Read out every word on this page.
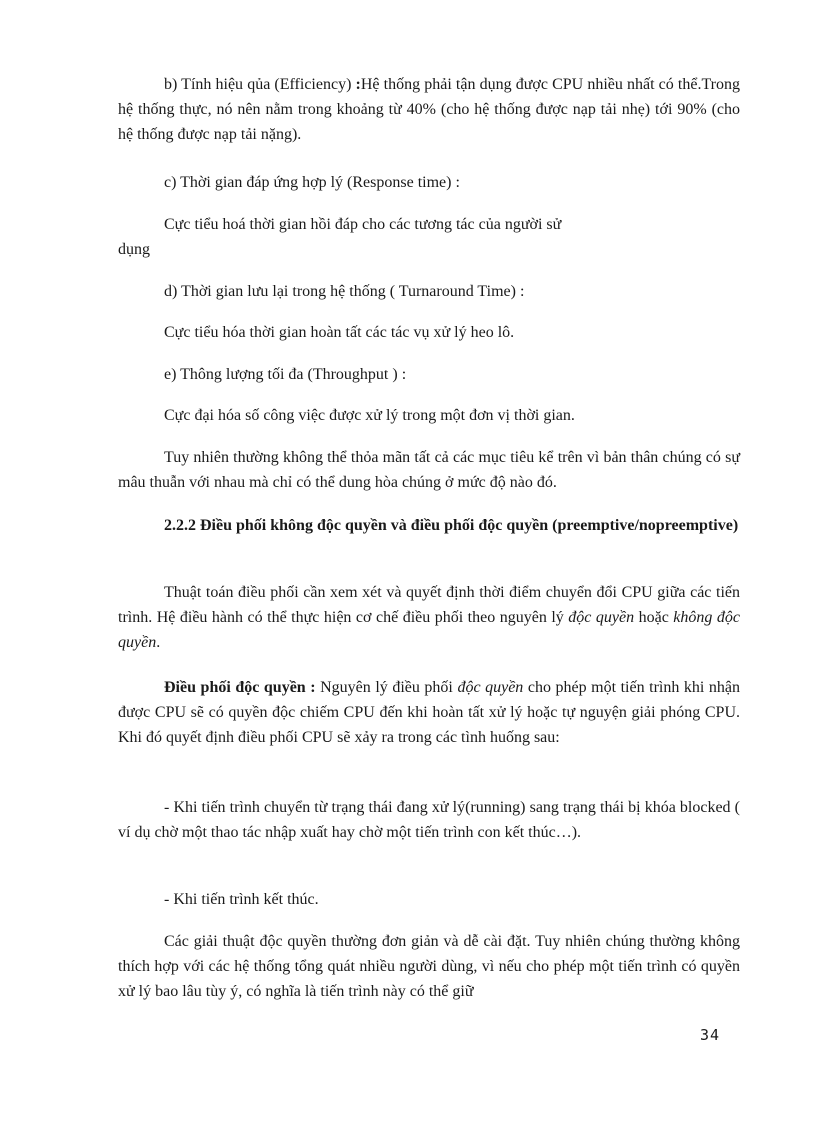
b) Tính hiệu qủa (Efficiency) :Hệ thống phải tận dụng được CPU nhiều nhất có thể.Trong hệ thống thực, nó nên nằm trong khoảng từ 40% (cho hệ thống được nạp tải nhẹ) tới 90% (cho hệ thống được nạp tải nặng).

c) Thời gian đáp ứng hợp lý (Response time) :

Cực tiểu hoá thời gian hồi đáp cho các tương tác của người sử

dụng

d) Thời gian lưu lại trong hệ thống ( Turnaround Time) :

Cực tiểu hóa thời gian hoàn tất các tác vụ xử lý heo lô.

e) Thông lượng tối đa (Throughput ) :

Cực đại hóa số công việc được xử lý trong một đơn vị thời gian.

Tuy nhiên thường không thể thỏa mãn tất cả các mục tiêu kể trên vì bản thân chúng có sự mâu thuẫn với nhau mà chỉ có thể dung hòa chúng ở mức độ nào đó.

2.2.2 Điều phối không độc quyền và điều phối độc quyền (preemptive/nopreemptive)

Thuật toán điều phối cần xem xét và quyết định thời điểm chuyển đổi CPU giữa các tiến trình. Hệ điều hành có thể thực hiện cơ chế điều phối theo nguyên lý độc quyền hoặc không độc quyền.

Điều phối độc quyền : Nguyên lý điều phối độc quyền cho phép một tiến trình khi nhận được CPU sẽ có quyền độc chiếm CPU đến khi hoàn tất xử lý hoặc tự nguyện giải phóng CPU. Khi đó quyết định điều phối CPU sẽ xảy ra trong các tình huống sau:

- Khi tiến trình chuyển từ trạng thái đang xử lý(running) sang trạng thái bị khóa blocked ( ví dụ chờ một thao tác nhập xuất hay chờ một tiến trình con kết thúc…).

- Khi tiến trình kết thúc.

Các giải thuật độc quyền thường đơn giản và dễ cài đặt. Tuy nhiên chúng thường không thích hợp với các hệ thống tổng quát nhiều người dùng, vì nếu cho phép một tiến trình có quyền xử lý bao lâu tùy ý, có nghĩa là tiến trình này có thể giữ

34
